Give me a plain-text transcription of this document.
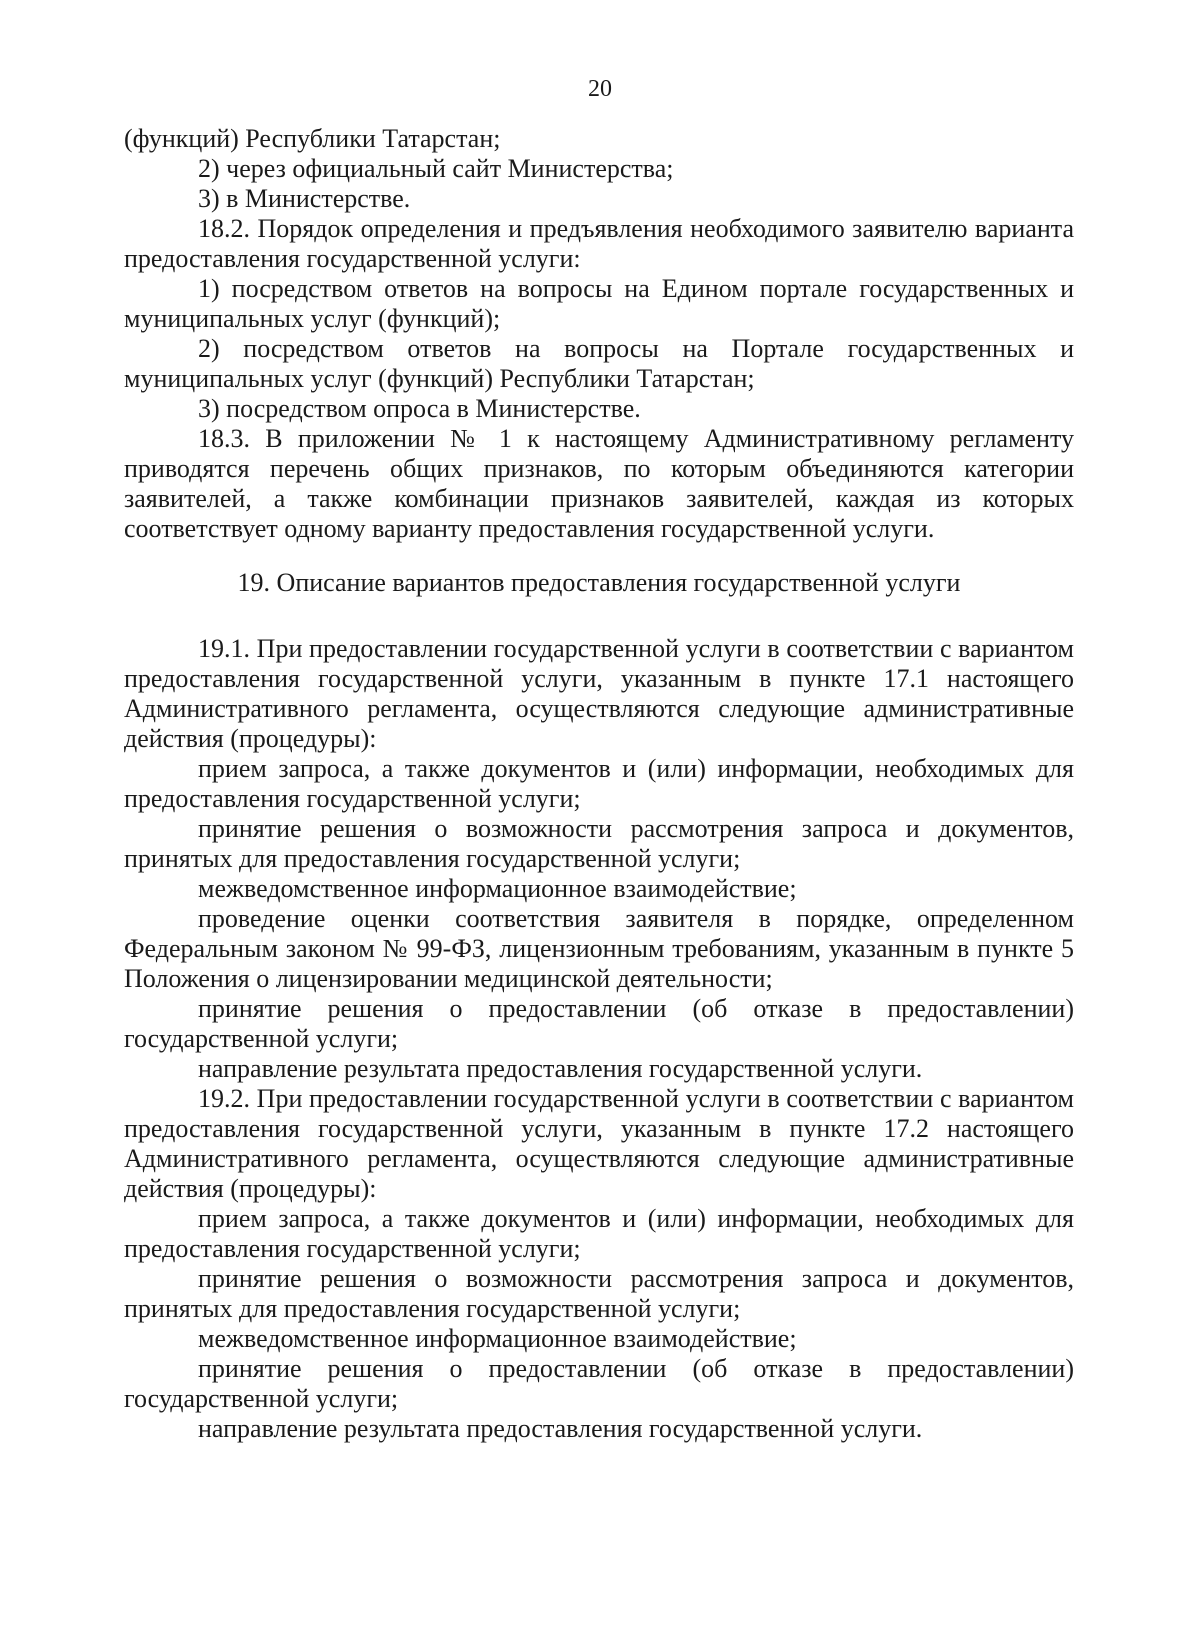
20

(функций) Республики Татарстан;

2) через официальный сайт Министерства;

3) в Министерстве.

18.2. Порядок определения и предъявления необходимого заявителю варианта предоставления государственной услуги:

1) посредством ответов на вопросы на Едином портале государственных и муниципальных услуг (функций);

2) посредством ответов на вопросы на Портале государственных и муниципальных услуг (функций) Республики Татарстан;

3) посредством опроса в Министерстве.

18.3. В приложении № 1 к настоящему Административному регламенту приводятся перечень общих признаков, по которым объединяются категории заявителей, а также комбинации признаков заявителей, каждая из которых соответствует одному варианту предоставления государственной услуги.

19. Описание вариантов предоставления государственной услуги

19.1. При предоставлении государственной услуги в соответствии с вариантом предоставления государственной услуги, указанным в пункте 17.1 настоящего Административного регламента, осуществляются следующие административные действия (процедуры):

прием запроса, а также документов и (или) информации, необходимых для предоставления государственной услуги;

принятие решения о возможности рассмотрения запроса и документов, принятых для предоставления государственной услуги;

межведомственное информационное взаимодействие;

проведение оценки соответствия заявителя в порядке, определенном Федеральным законом № 99-ФЗ, лицензионным требованиям, указанным в пункте 5 Положения о лицензировании медицинской деятельности;

принятие решения о предоставлении (об отказе в предоставлении) государственной услуги;

направление результата предоставления государственной услуги.

19.2. При предоставлении государственной услуги в соответствии с вариантом предоставления государственной услуги, указанным в пункте 17.2 настоящего Административного регламента, осуществляются следующие административные действия (процедуры):

прием запроса, а также документов и (или) информации, необходимых для предоставления государственной услуги;

принятие решения о возможности рассмотрения запроса и документов, принятых для предоставления государственной услуги;

межведомственное информационное взаимодействие;

принятие решения о предоставлении (об отказе в предоставлении) государственной услуги;

направление результата предоставления государственной услуги.
